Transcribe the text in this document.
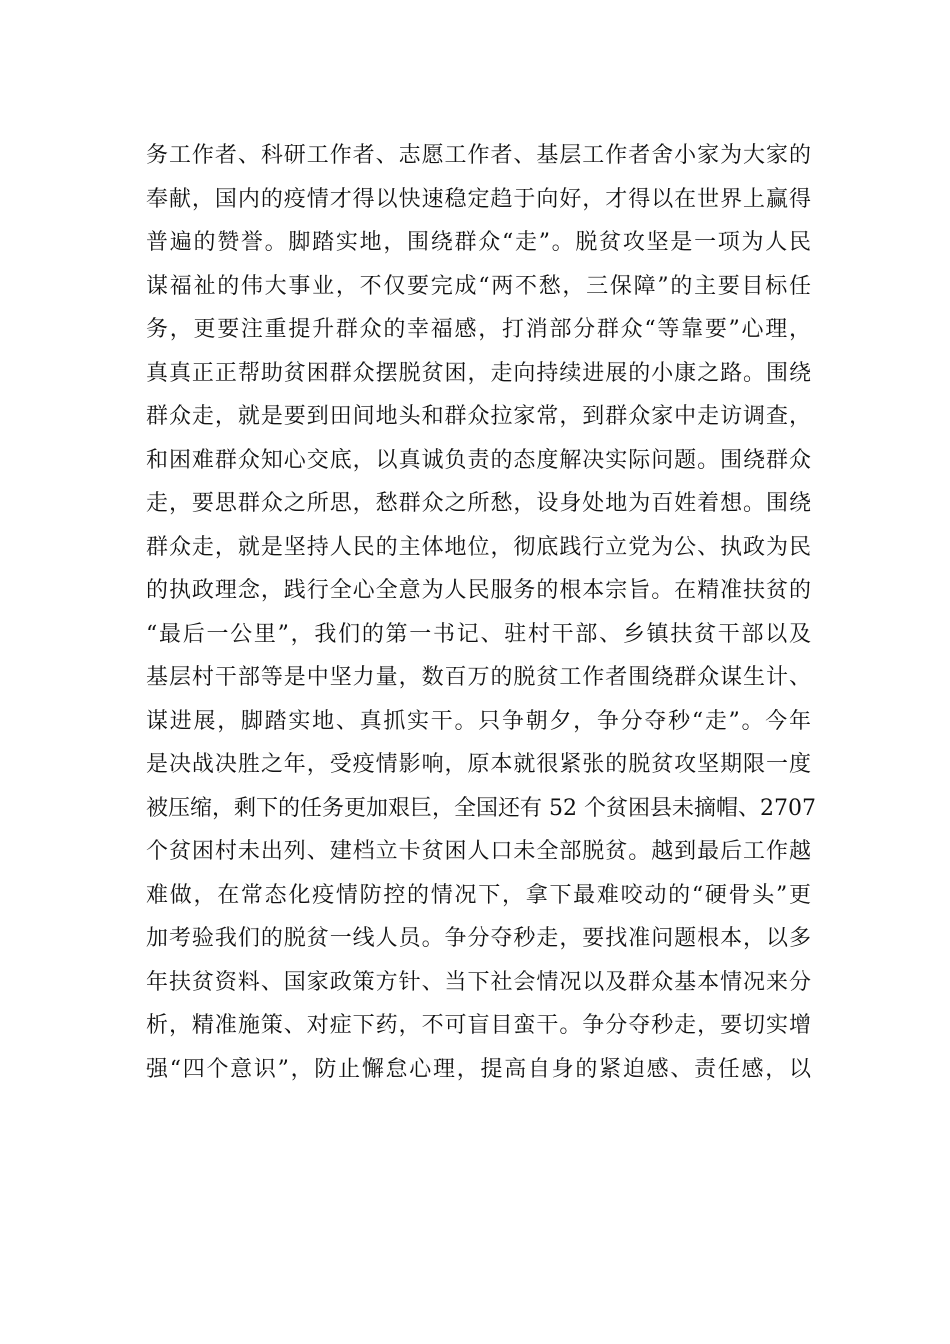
务工作者、科研工作者、志愿工作者、基层工作者舍小家为大家的
奉献，国内的疫情才得以快速稳定趋于向好，才得以在世界上赢得
普遍的赞誉。脚踏实地，围绕群众“走”。脱贫攻坚是一项为人民
谋福祉的伟大事业，不仅要完成“两不愁，三保障”的主要目标任
务，更要注重提升群众的幸福感，打消部分群众“等靠要”心理，
真真正正帮助贫困群众摆脱贫困，走向持续进展的小康之路。围绕
群众走，就是要到田间地头和群众拉家常，到群众家中走访调查，
和困难群众知心交底，以真诚负责的态度解决实际问题。围绕群众
走，要思群众之所思，愁群众之所愁，设身处地为百姓着想。围绕
群众走，就是坚持人民的主体地位，彻底践行立党为公、执政为民
的执政理念，践行全心全意为人民服务的根本宗旨。在精准扶贫的
“最后一公里”，我们的第一书记、驻村干部、乡镇扶贫干部以及
基层村干部等是中坚力量，数百万的脱贫工作者围绕群众谋生计、
谋进展，脚踏实地、真抓实干。只争朝夕，争分夺秒“走”。今年
是决战决胜之年，受疫情影响，原本就很紧张的脱贫攻坚期限一度
被压缩，剩下的任务更加艰巨，全国还有 52 个贫困县未摘帽、2707
个贫困村未出列、建档立卡贫困人口未全部脱贫。越到最后工作越
难做，在常态化疫情防控的情况下，拿下最难咬动的“硬骨头”更
加考验我们的脱贫一线人员。争分夺秒走，要找准问题根本，以多
年扶贫资料、国家政策方针、当下社会情况以及群众基本情况来分
析，精准施策、对症下药，不可盲目蛮干。争分夺秒走，要切实增
强“四个意识”，防止懈怠心理，提高自身的紧迫感、责任感，以
